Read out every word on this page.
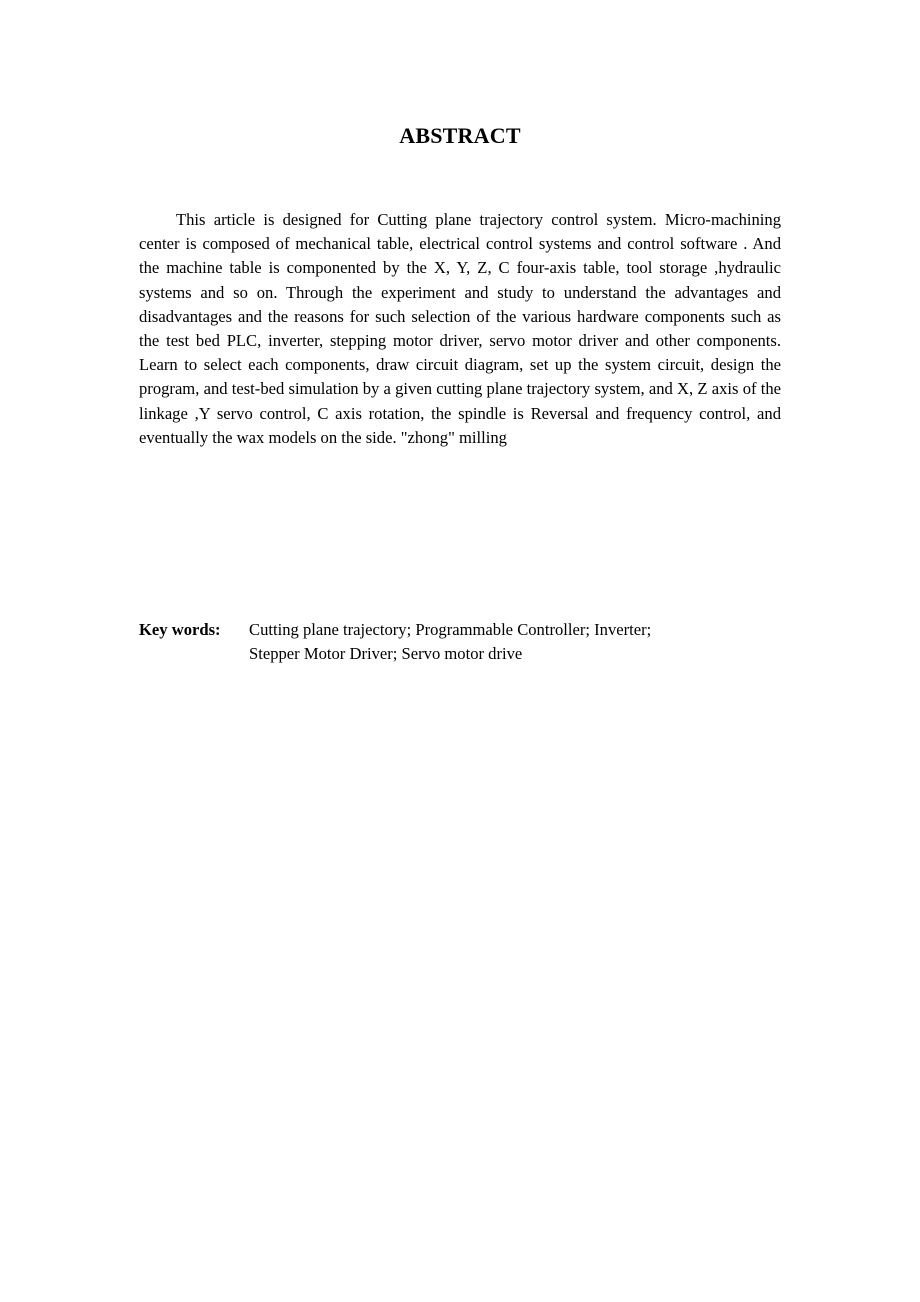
ABSTRACT

This article is designed for Cutting plane trajectory control system. Micro-machining center is composed of mechanical table, electrical control systems and control software . And the machine table is componented by the X, Y, Z, C four-axis table, tool storage ,hydraulic systems and so on. Through the experiment and study to understand the advantages and disadvantages and the reasons for such selection of the various hardware components such as the test bed PLC, inverter, stepping motor driver, servo motor driver and other components. Learn to select each components, draw circuit diagram, set up the system circuit, design the program, and test-bed simulation by a given cutting plane trajectory system, and X, Z axis of the linkage ,Y servo control, C axis rotation, the spindle is Reversal and frequency control, and eventually the wax models on the side. "zhong" milling

Key words: Cutting plane trajectory; Programmable Controller; Inverter;
Stepper Motor Driver; Servo motor drive
